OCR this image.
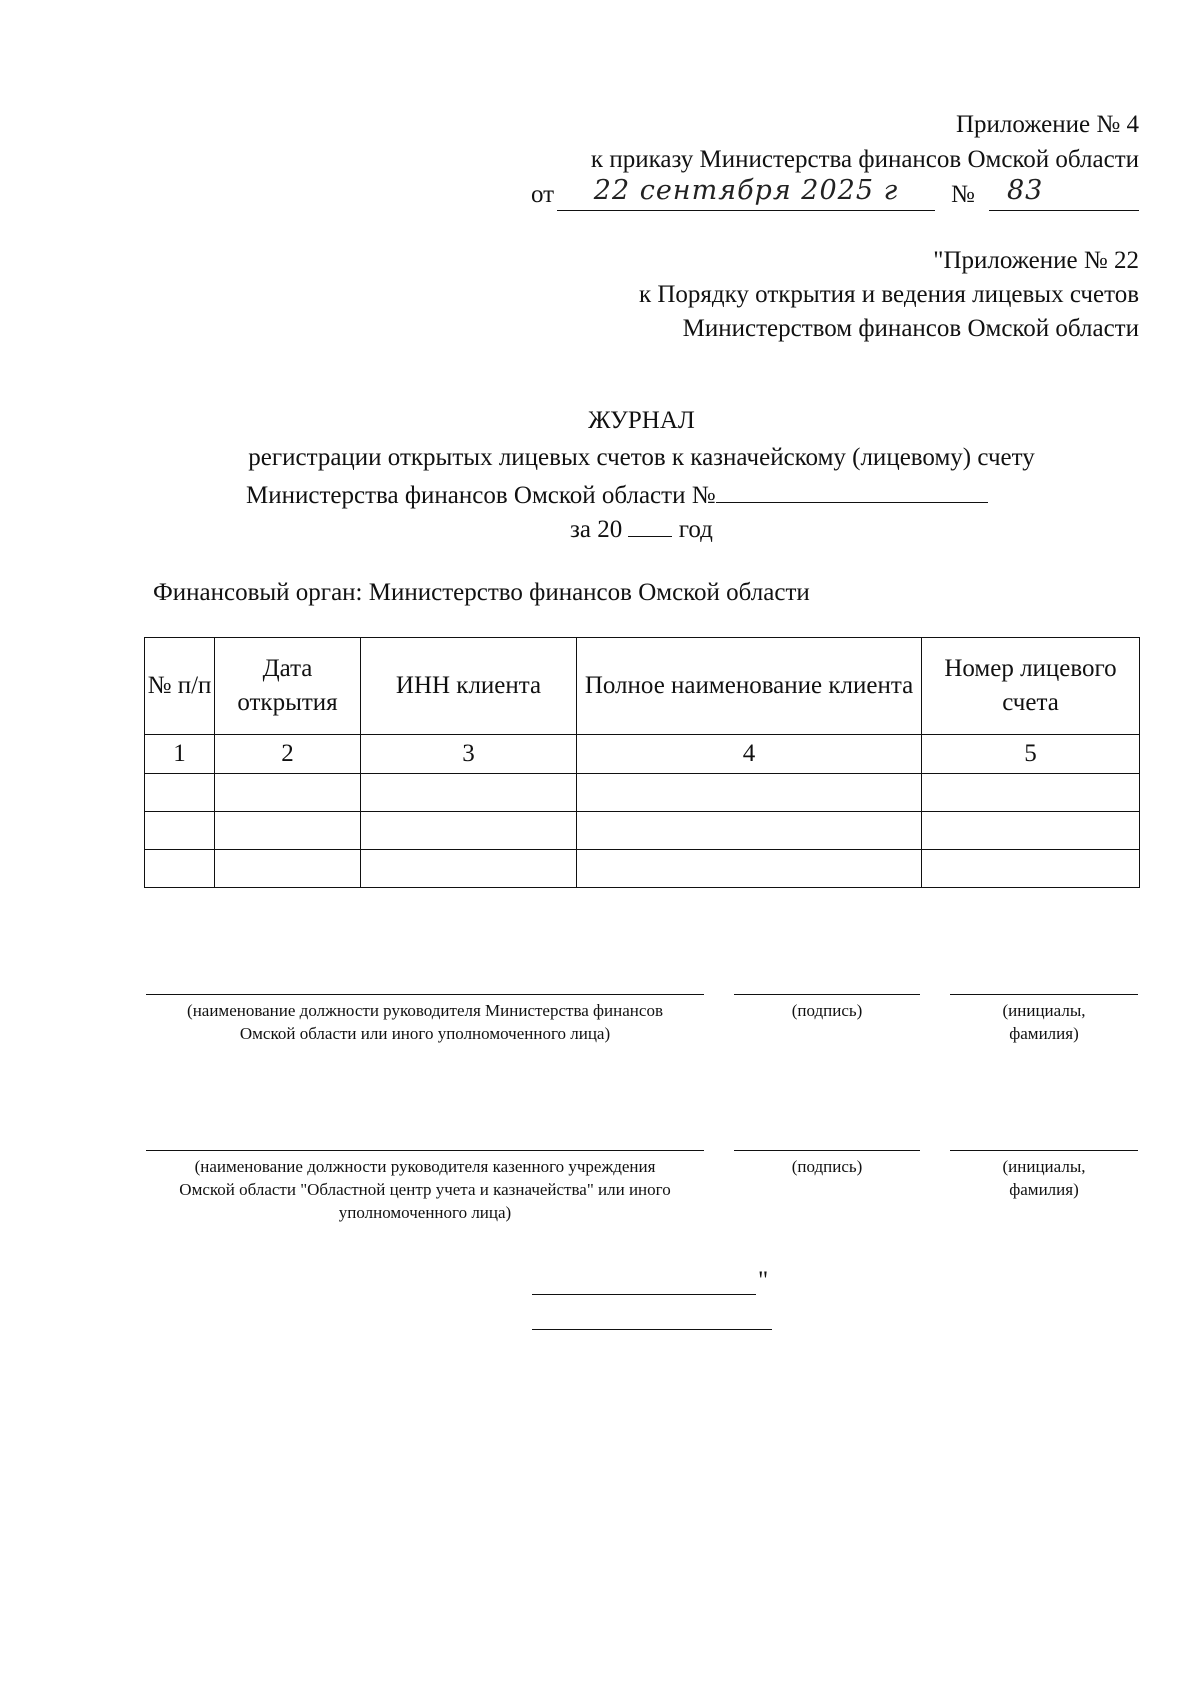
Приложение № 4
к приказу Министерства финансов Омской области
от	22 сентября 2025 г	№ 83
"Приложение № 22
к Порядку открытия и ведения лицевых счетов
Министерством финансов Омской области
ЖУРНАЛ
регистрации открытых лицевых счетов к казначейскому (лицевому) счету
Министерства финансов Омской области №
за 20 год
Финансовый орган: Министерство финансов Омской области
№ п/п	Дата открытия	ИНН клиента	Полное наименование клиента	Номер лицевого счета
1	2	3	4	5

(наименование должности руководителя Министерства финансов Омской области или иного уполномоченного лица)
(подпись)	(инициалы, фамилия)
(наименование должности руководителя казенного учреждения Омской области "Областной центр учета и казначейства" или иного уполномоченного лица)
(подпись)	(инициалы, фамилия)
"
